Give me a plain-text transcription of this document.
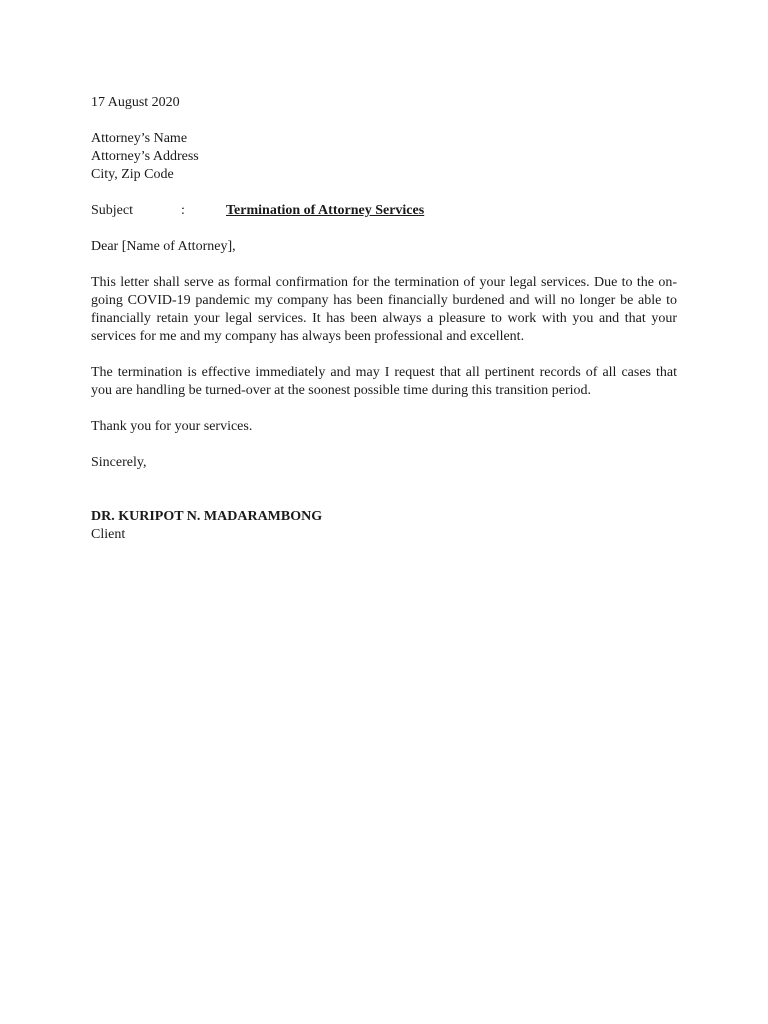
17 August 2020
Attorney’s Name
Attorney’s Address
City, Zip Code
Subject	:	Termination of Attorney Services
Dear [Name of Attorney],

This letter shall serve as formal confirmation for the termination of your legal services. Due to the on-going COVID-19 pandemic my company has been financially burdened and will no longer be able to financially retain your legal services. It has been always a pleasure to work with you and that your services for me and my company has always been professional and excellent.

The termination is effective immediately and may I request that all pertinent records of all cases that you are handling be turned-over at the soonest possible time during this transition period.

Thank you for your services.

Sincerely,
DR. KURIPOT N. MADARAMBONG
Client
